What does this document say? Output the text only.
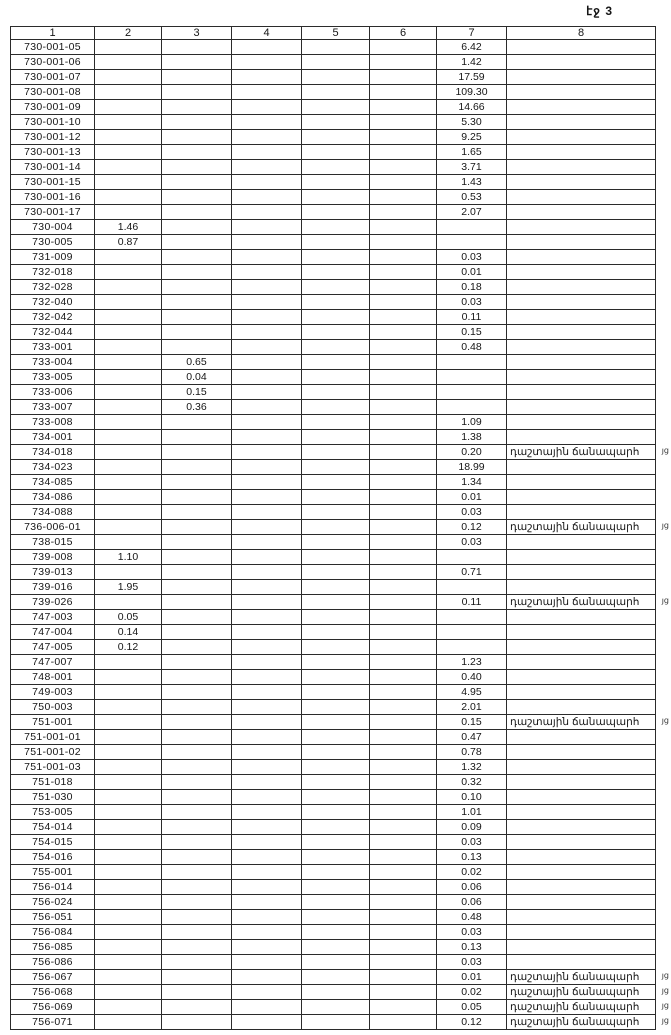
էջ 3
1	2	3	4	5	6	7	8
730-001-05						6.42	
730-001-06						1.42	
730-001-07						17.59	
730-001-08						109.30	
730-001-09						14.66	
730-001-10						5.30	
730-001-12						9.25	
730-001-13						1.65	
730-001-14						3.71	
730-001-15						1.43	
730-001-16						0.53	
730-001-17						2.07	
730-004	1.46						
730-005	0.87						
731-009						0.03	
732-018						0.01	
732-028						0.18	
732-040						0.03	
732-042						0.11	
732-044						0.15	
733-001						0.48	
733-004		0.65					
733-005		0.04					
733-006		0.15					
733-007		0.36					
733-008						1.09	
734-001						1.38	
734-018						0.20	դաշտային ճանապարհ յց

734-023						18.99	
734-085						1.34	
734-086						0.01	
734-088						0.03	
736-006-01						0.12	դաշտային ճանապարհ յց

738-015						0.03	
739-008	1.10						
739-013						0.71	
739-016	1.95						
739-026						0.11	դաշտային ճանապարհ յց

747-003	0.05						
747-004	0.14						
747-005	0.12						
747-007						1.23	
748-001						0.40	
749-003						4.95	
750-003						2.01	
751-001						0.15	դաշտային ճանապարհ յց

751-001-01						0.47	
751-001-02						0.78	
751-001-03						1.32	
751-018						0.32	
751-030						0.10	
753-005						1.01	
754-014						0.09	
754-015						0.03	
754-016						0.13	
755-001						0.02	
756-014						0.06	
756-024						0.06	
756-051						0.48	
756-084						0.03	
756-085						0.13	
756-086						0.03	
756-067						0.01	դաշտային ճանապարհ յց

756-068						0.02	դաշտային ճանապարհ յց

756-069						0.05	դաշտային ճանապարհ յց

756-071						0.12	դաշտային ճանապարհ յց
